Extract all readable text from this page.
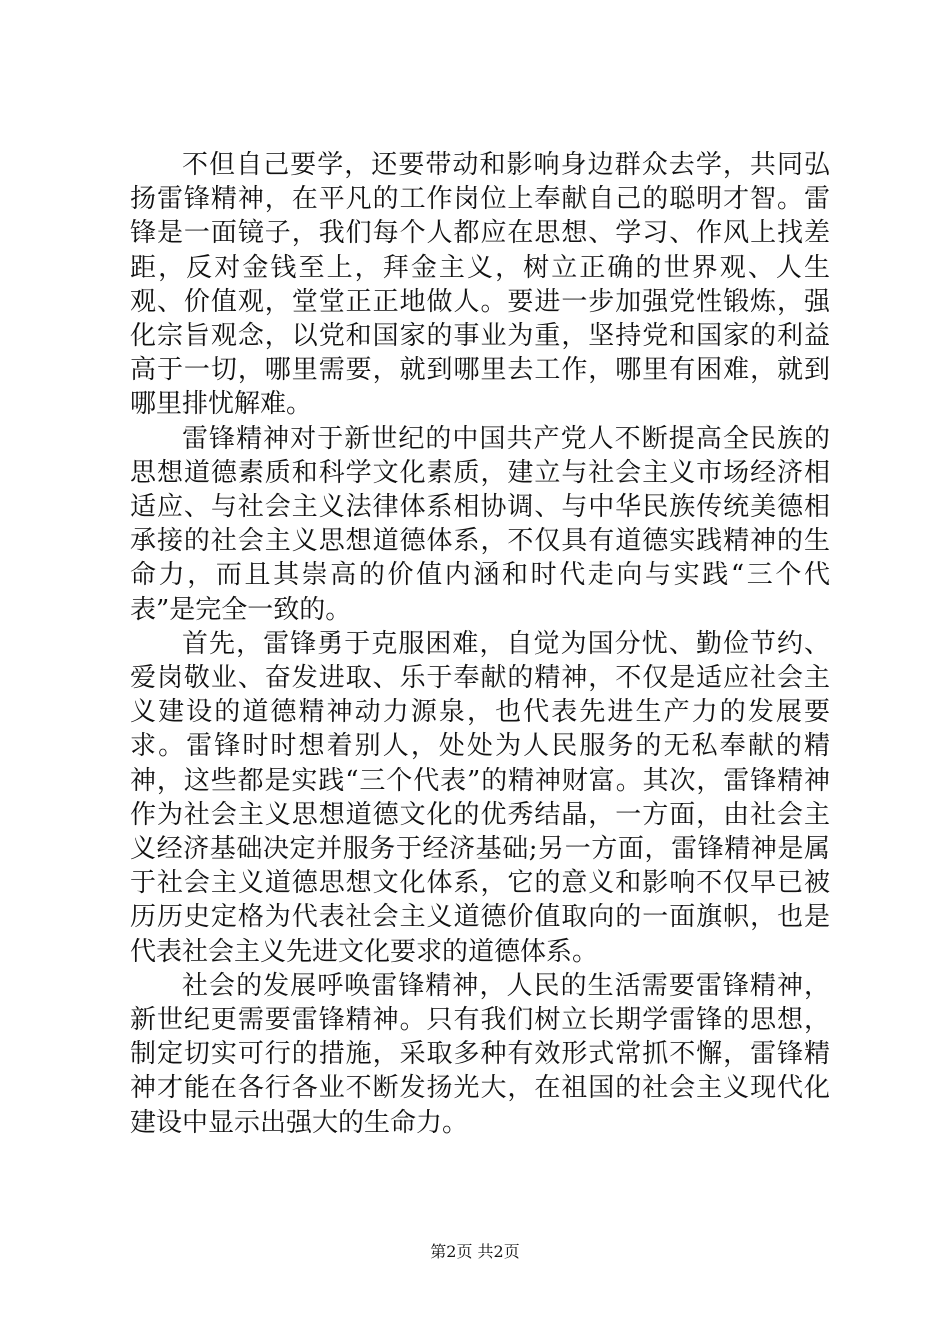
不但自己要学，还要带动和影响身边群众去学，共同弘扬雷锋精神，在平凡的工作岗位上奉献自己的聪明才智。雷锋是一面镜子，我们每个人都应在思想、学习、作风上找差距，反对金钱至上，拜金主义，树立正确的世界观、人生观、价值观，堂堂正正地做人。要进一步加强党性锻炼，强化宗旨观念，以党和国家的事业为重，坚持党和国家的利益高于一切，哪里需要，就到哪里去工作，哪里有困难，就到哪里排忧解难。

雷锋精神对于新世纪的中国共产党人不断提高全民族的思想道德素质和科学文化素质，建立与社会主义市场经济相适应、与社会主义法律体系相协调、与中华民族传统美德相承接的社会主义思想道德体系，不仅具有道德实践精神的生命力，而且其崇高的价值内涵和时代走向与实践“三个代表”是完全一致的。

首先，雷锋勇于克服困难，自觉为国分忧、勤俭节约、爱岗敬业、奋发进取、乐于奉献的精神，不仅是适应社会主义建设的道德精神动力源泉，也代表先进生产力的发展要求。雷锋时时想着别人，处处为人民服务的无私奉献的精神，这些都是实践“三个代表”的精神财富。其次，雷锋精神作为社会主义思想道德文化的优秀结晶，一方面，由社会主义经济基础决定并服务于经济基础;另一方面，雷锋精神是属于社会主义道德思想文化体系，它的意义和影响不仅早已被历历史定格为代表社会主义道德价值取向的一面旗帜，也是代表社会主义先进文化要求的道德体系。

社会的发展呼唤雷锋精神，人民的生活需要雷锋精神，新世纪更需要雷锋精神。只有我们树立长期学雷锋的思想，制定切实可行的措施，采取多种有效形式常抓不懈，雷锋精神才能在各行各业不断发扬光大，在祖国的社会主义现代化建设中显示出强大的生命力。

第2页 共2页
